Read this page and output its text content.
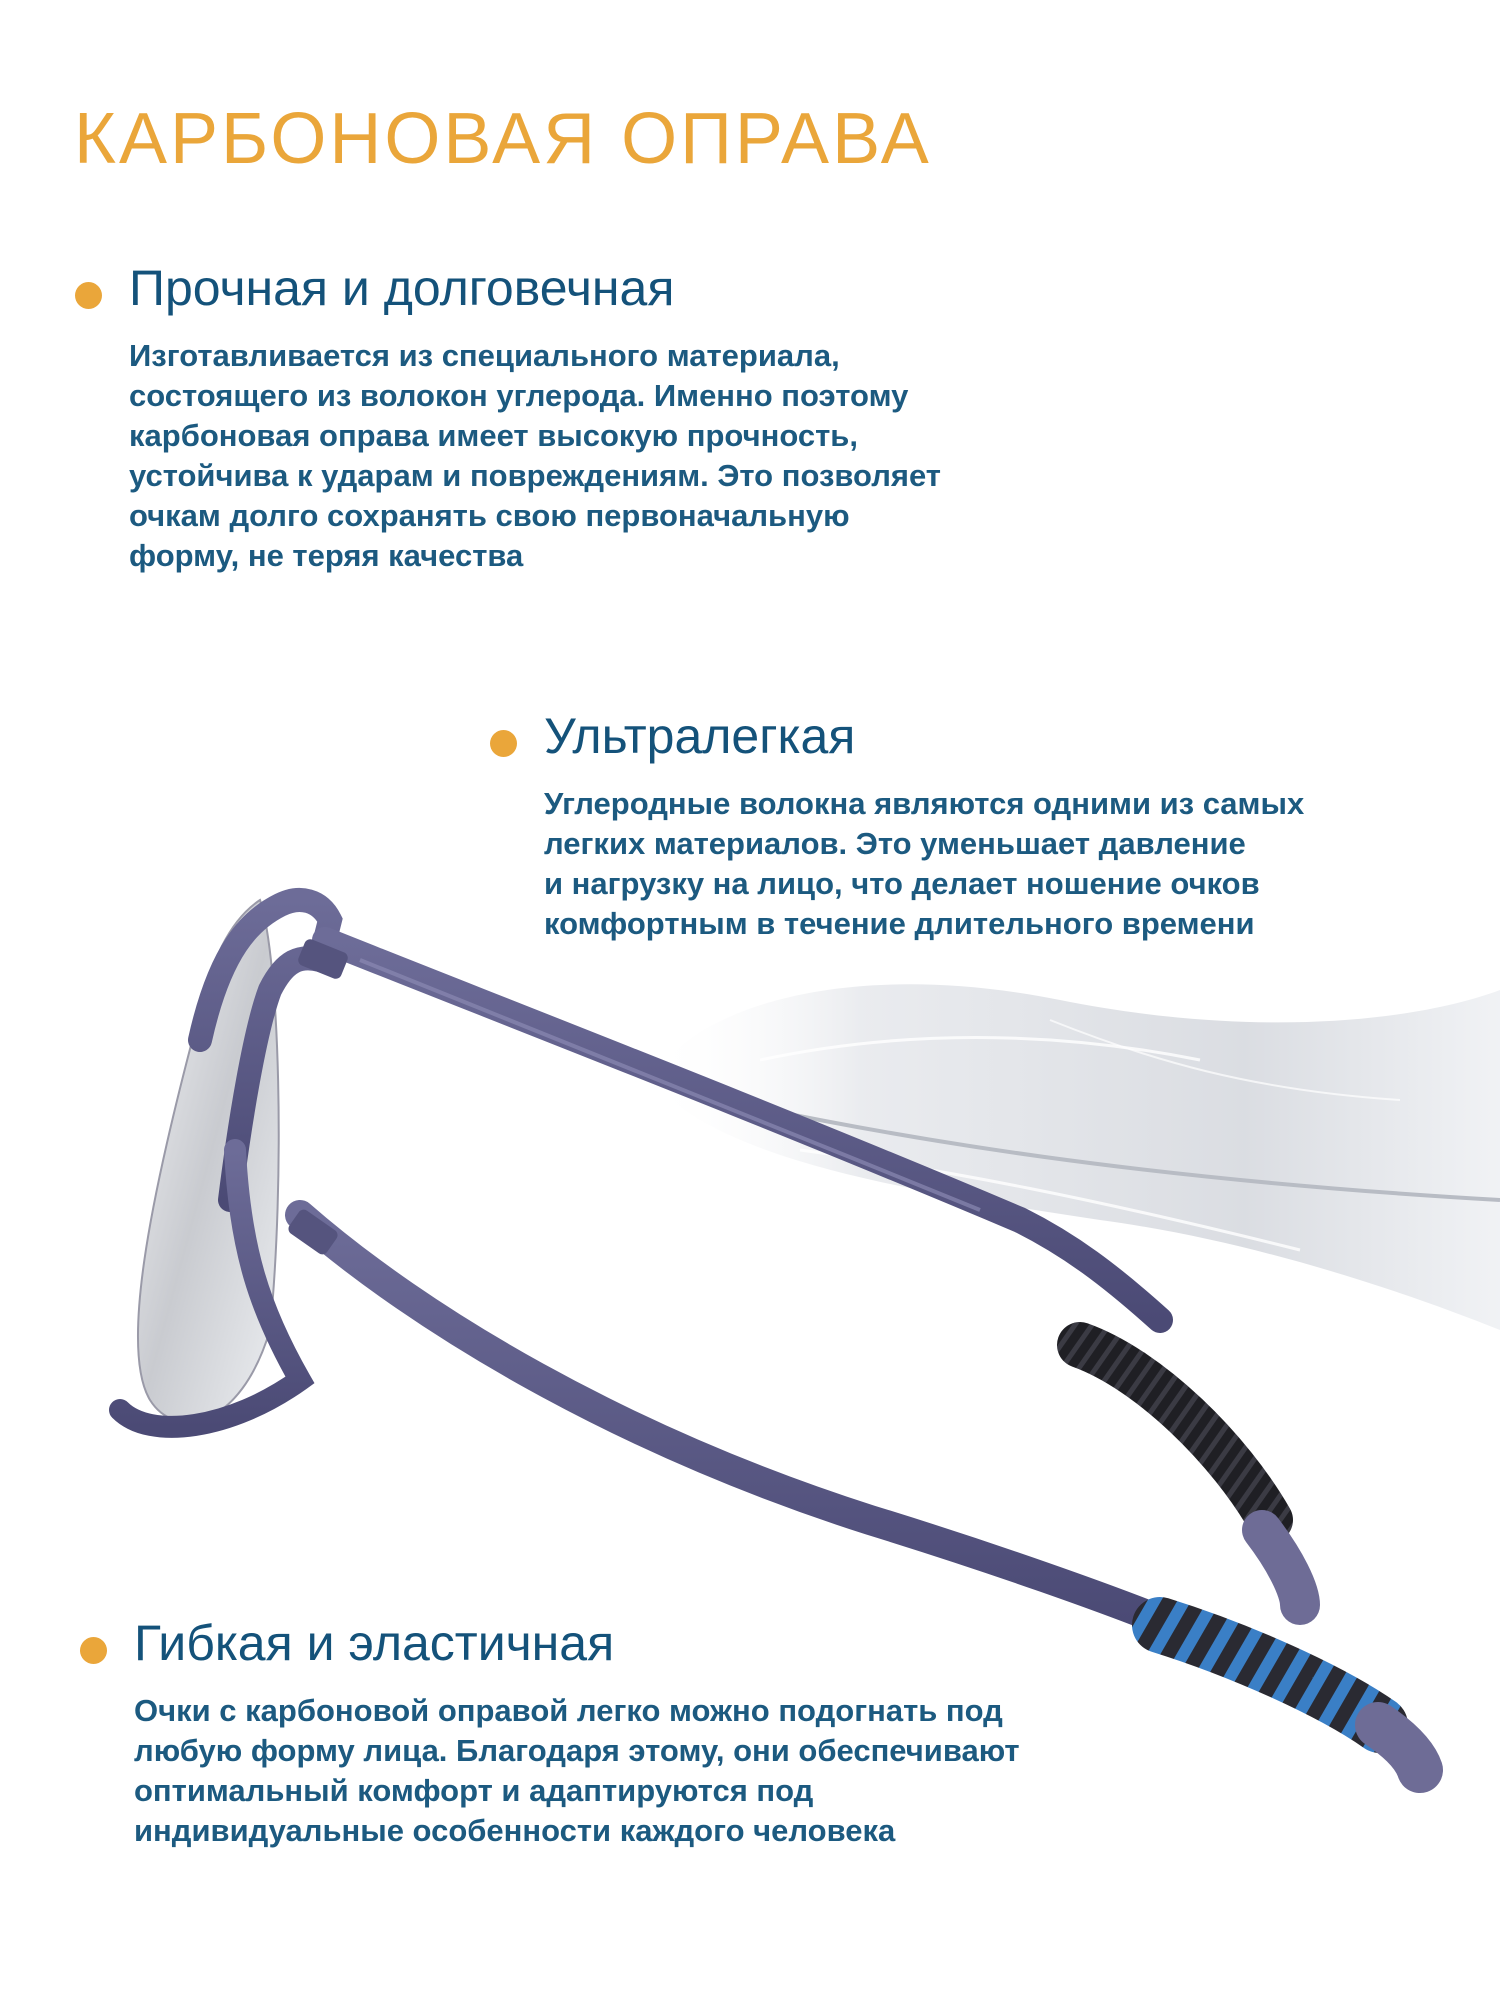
КАРБОНОВАЯ ОПРАВА
Прочная и долговечная

Изготавливается из специального материала,
состоящего из волокон углерода. Именно поэтому
карбоновая оправа имеет высокую прочность,
устойчива к ударам и повреждениям. Это позволяет
очкам долго сохранять свою первоначальную
форму, не теряя качества

Ультралегкая

Углеродные волокна являются одними из самых
легких материалов. Это уменьшает давление
и нагрузку на лицо, что делает ношение очков
комфортным в течение длительного времени

Гибкая и эластичная

Очки с карбоновой оправой легко можно подогнать под
любую форму лица. Благодаря этому, они обеспечивают
оптимальный комфорт и адаптируются под
индивидуальные особенности каждого человека
